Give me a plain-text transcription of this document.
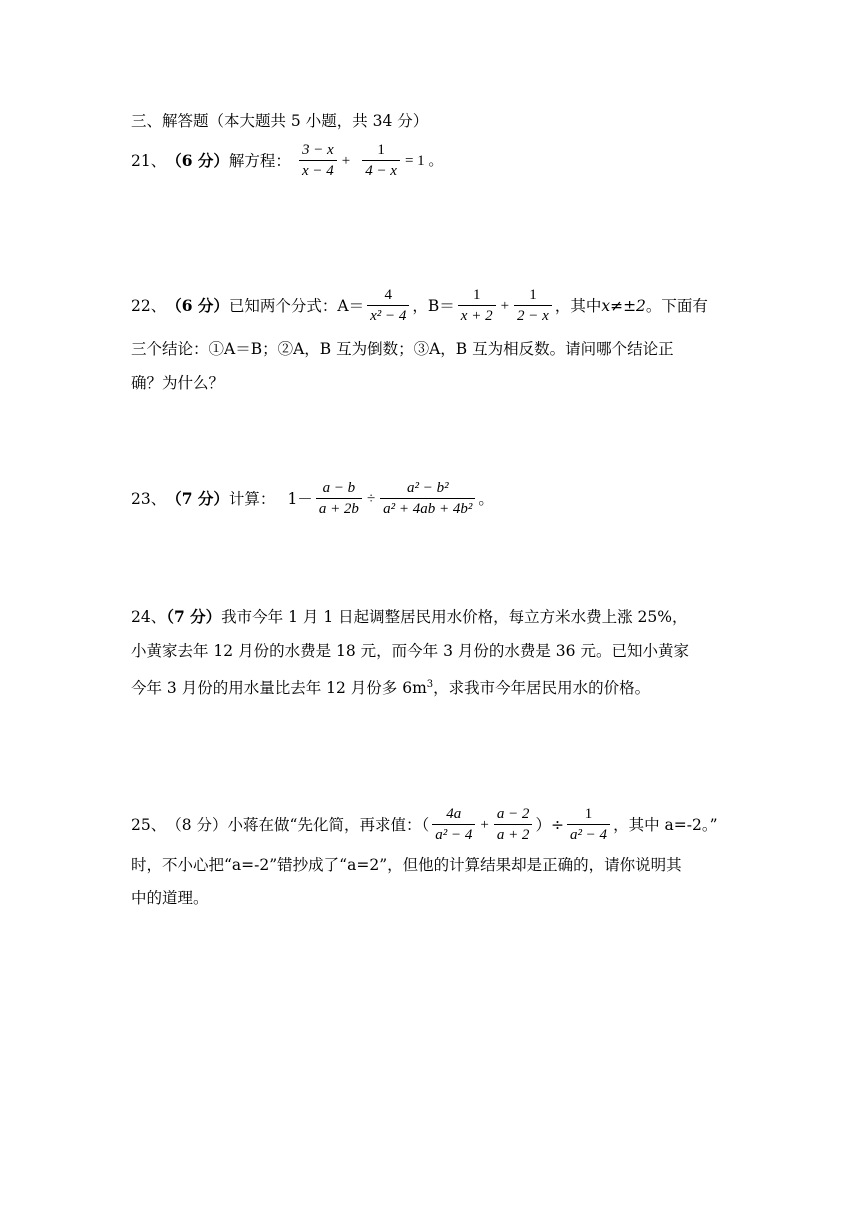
三、解答题（本大题共 5 小题，共 34 分）
21、 （6 分） 解方程： $\frac{3 - x}{x - 4} + \frac{1}{4 - x} = 1$ 。
22、 （6 分） 已知两个分式：$A= \frac{4}{\text{x² − 4}}$ ，$B= \frac{1}{x + 2} + \frac{1}{2 - x}$ ，其中 x≠±2 。下面有
三个结论：①A＝B；②A，B 互为倒数；③A，B 互为相反数。请问哪个结论正
确？为什么？
23、 （7 分） 计算： $1- \frac{a - b}{a + 2b} \div \frac{\text{a² − b²}}{\text{a² + 4ab + 4b²}}$ 。
24、（7 分）我市今年 1 月 1 日起调整居民用水价格，每立方米水费上涨 25%，
小黄家去年 12 月份的水费是 18 元，而今年 3 月份的水费是 36 元。已知小黄家
今年 3 月份的用水量比去年 12 月份多 $6m^3$，求我市今年居民用水的价格。
25、 （8 分） 小蒋在做“先化简，再求值：（ $\frac{4a}{\text{a² − 4}} + \frac{a - 2}{a + 2}$ ）÷ $\frac{1}{\text{a² − 4}}$ ，其中 a=-2。”
时，不小心把“a=-2”错抄成了“a=2”，但他的计算结果却是正确的，请你说明其
中的道理。
